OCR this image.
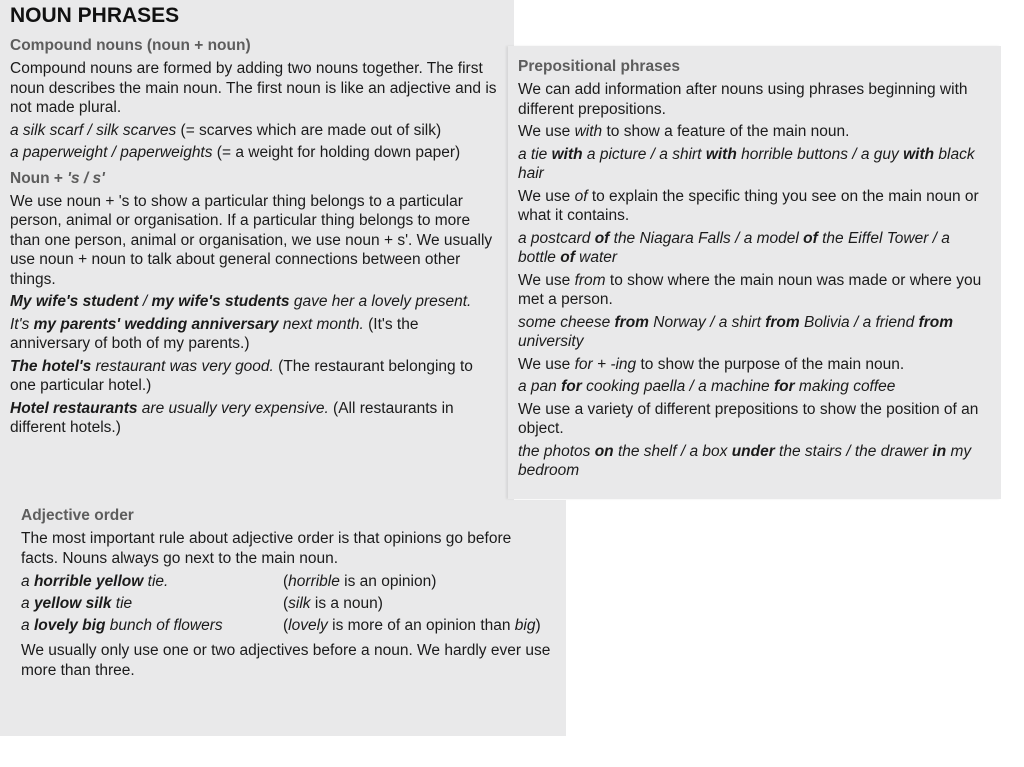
NOUN PHRASES
Compound nouns (noun + noun)
Compound nouns are formed by adding two nouns together. The first noun describes the main noun. The first noun is like an adjective and is not made plural.
a silk scarf / silk scarves (= scarves which are made out of silk)
a paperweight / paperweights (= a weight for holding down paper)
Noun + 's / s'
We use noun + 's to show a particular thing belongs to a particular person, animal or organisation. If a particular thing belongs to more than one person, animal or organisation, we use noun + s'. We usually use noun + noun to talk about general connections between other things.
My wife's student / my wife's students gave her a lovely present.
It's my parents' wedding anniversary next month. (It's the anniversary of both of my parents.)
The hotel's restaurant was very good. (The restaurant belonging to one particular hotel.)
Hotel restaurants are usually very expensive. (All restaurants in different hotels.)
Adjective order
The most important rule about adjective order is that opinions go before facts. Nouns always go next to the main noun.
a horrible yellow tie.	(horrible is an opinion)
a yellow silk tie	(silk is a noun)
a lovely big bunch of flowers	(lovely is more of an opinion than big)
We usually only use one or two adjectives before a noun. We hardly ever use more than three.
Prepositional phrases
We can add information after nouns using phrases beginning with different prepositions.
We use with to show a feature of the main noun.
a tie with a picture / a shirt with horrible buttons / a guy with black hair
We use of to explain the specific thing you see on the main noun or what it contains.
a postcard of the Niagara Falls / a model of the Eiffel Tower / a bottle of water
We use from to show where the main noun was made or where you met a person.
some cheese from Norway / a shirt from Bolivia / a friend from university
We use for + -ing to show the purpose of the main noun.
a pan for cooking paella / a machine for making coffee
We use a variety of different prepositions to show the position of an object.
the photos on the shelf / a box under the stairs / the drawer in my bedroom
